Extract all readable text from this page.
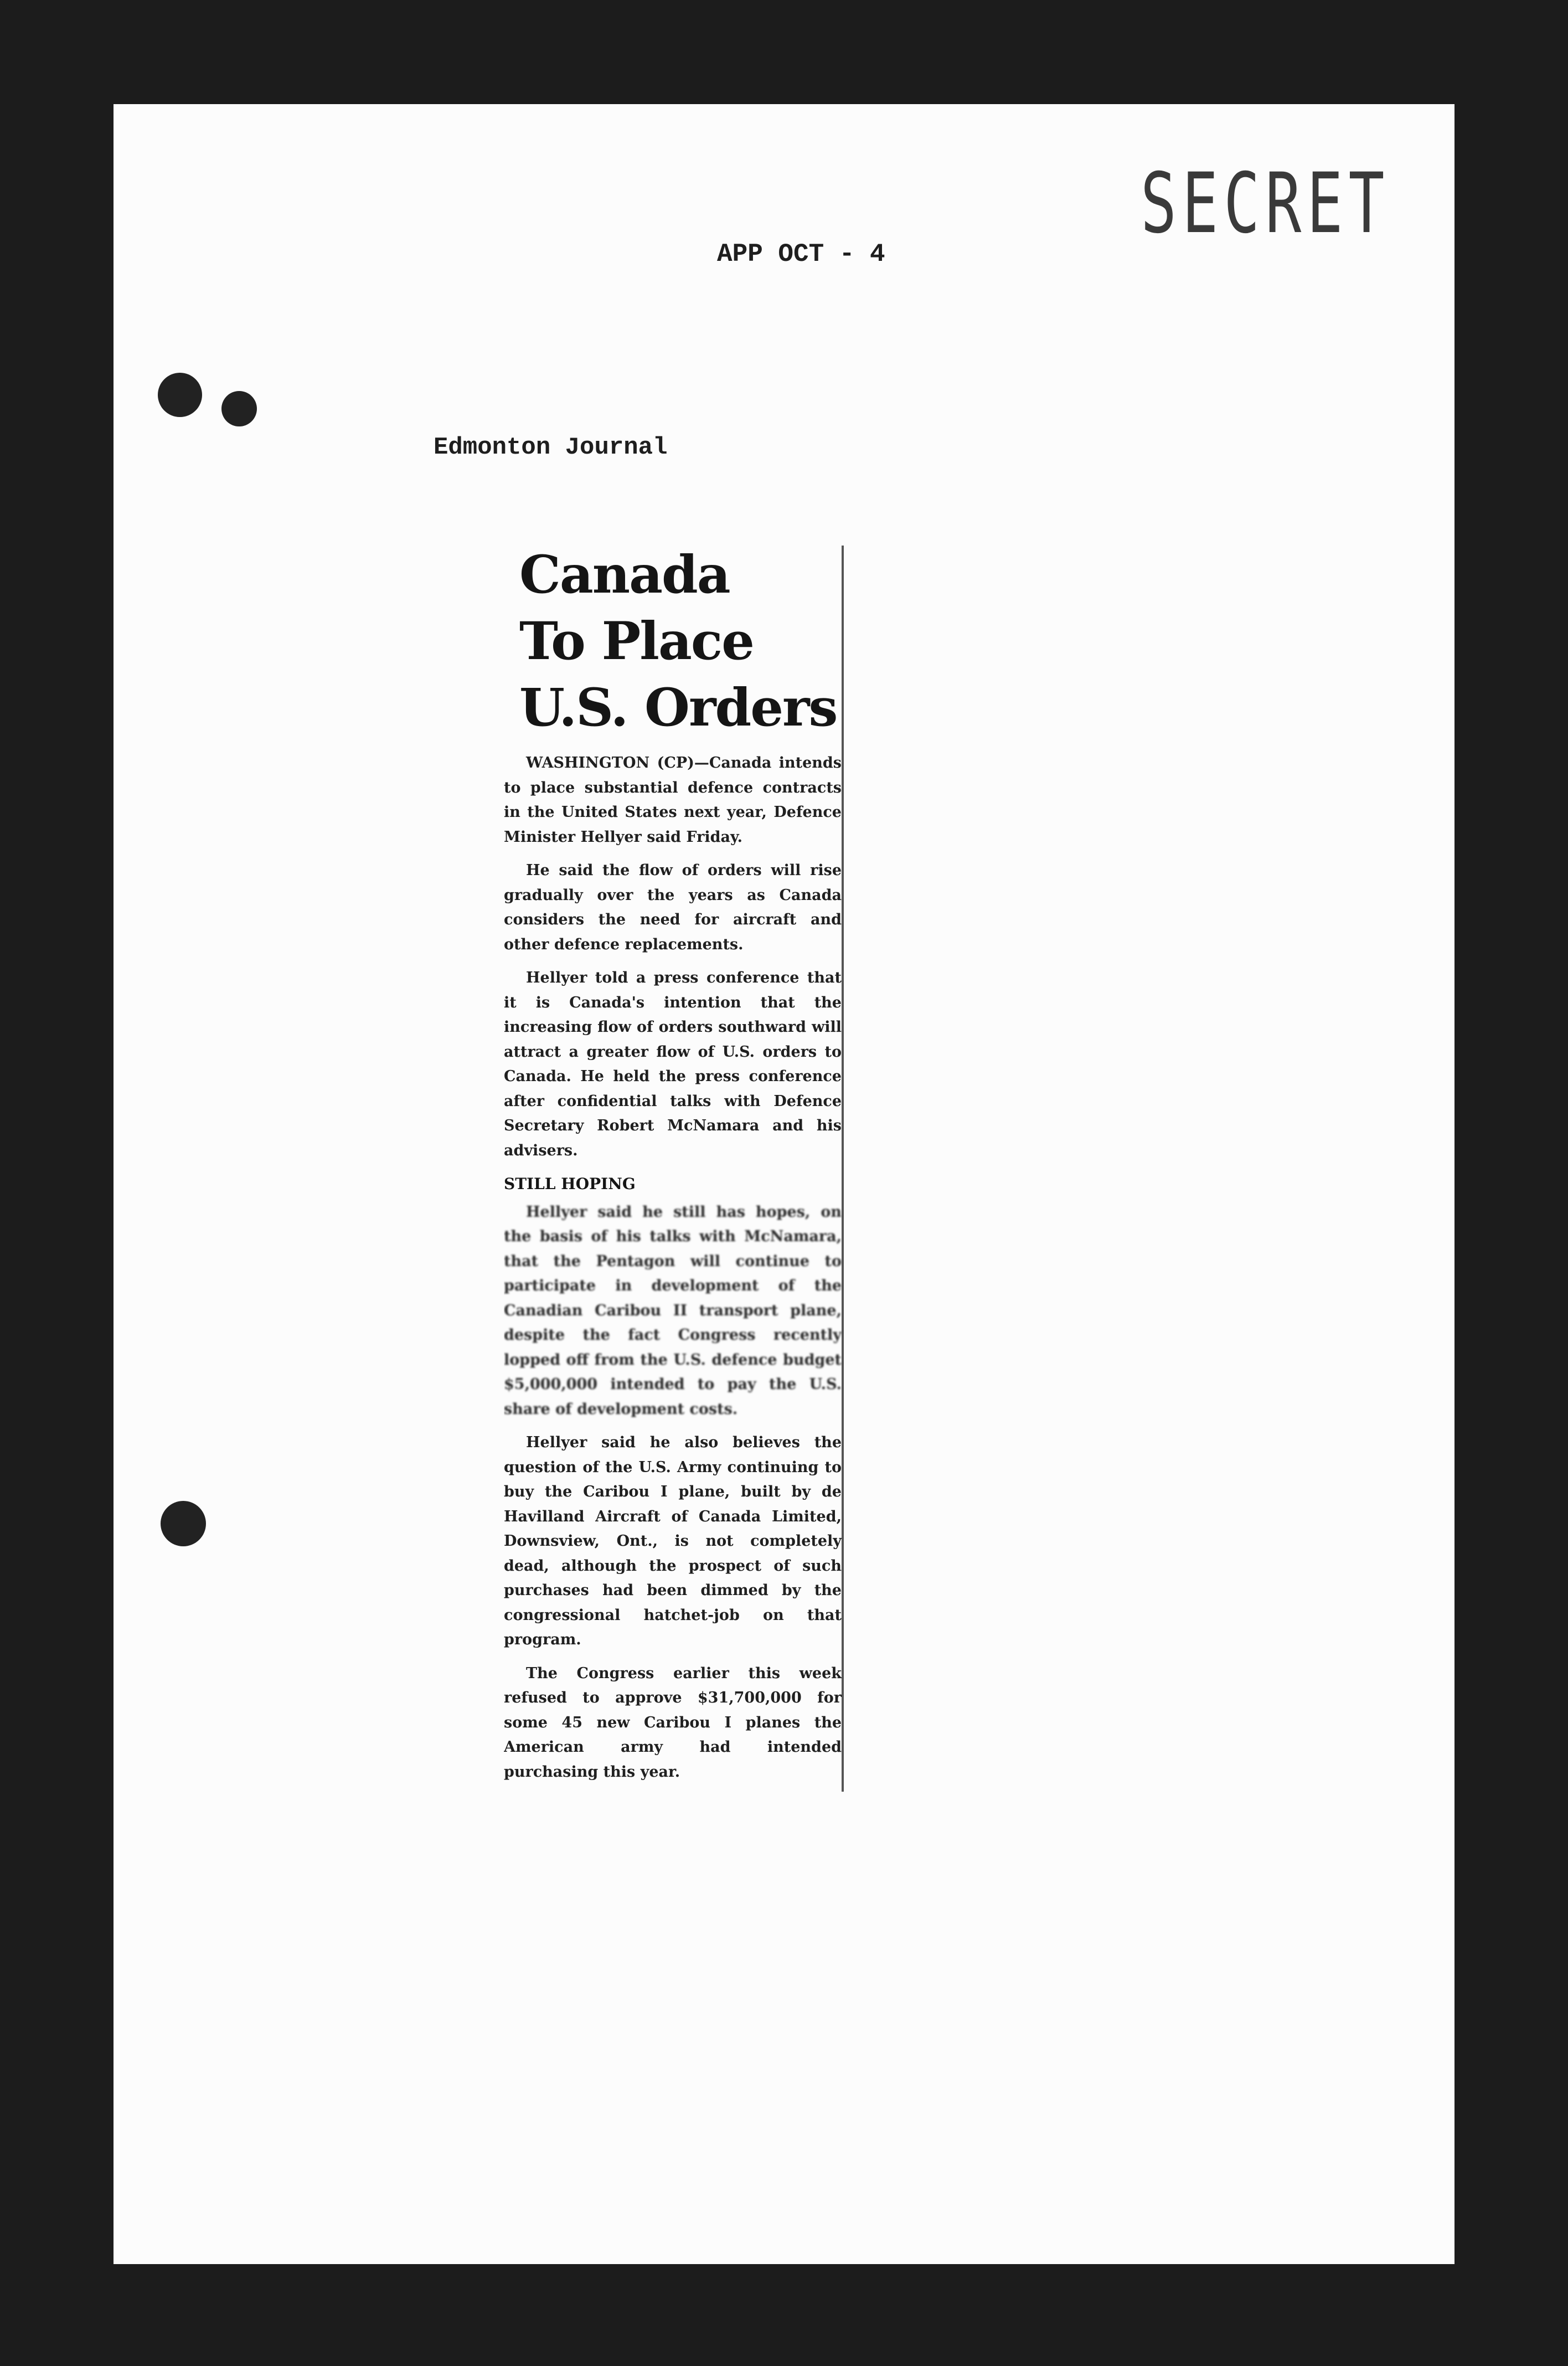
SECRET
APP OCT - 4
Edmonton Journal
Canada
To Place
U.S. Orders

WASHINGTON (CP)—Canada intends to place substantial defence contracts in the United States next year, Defence Minister Hellyer said Friday.

He said the flow of orders will rise gradually over the years as Canada considers the need for aircraft and other defence replacements.

Hellyer told a press conference that it is Canada's intention that the increasing flow of orders southward will attract a greater flow of U.S. orders to Canada. He held the press conference after confidential talks with Defence Secretary Robert McNamara and his advisers.

STILL HOPING

Hellyer said he still has hopes, on the basis of his talks with McNamara, that the Pentagon will continue to participate in development of the Canadian Caribou II transport plane, despite the fact Congress recently lopped off from the U.S. defence budget $5,000,000 intended to pay the U.S. share of development costs.

Hellyer said he also believes the question of the U.S. Army continuing to buy the Caribou I plane, built by de Havilland Aircraft of Canada Limited, Downsview, Ont., is not completely dead, although the prospect of such purchases had been dimmed by the congressional hatchet-job on that program.

The Congress earlier this week refused to approve $31,700,000 for some 45 new Caribou I planes the American army had intended purchasing this year.
